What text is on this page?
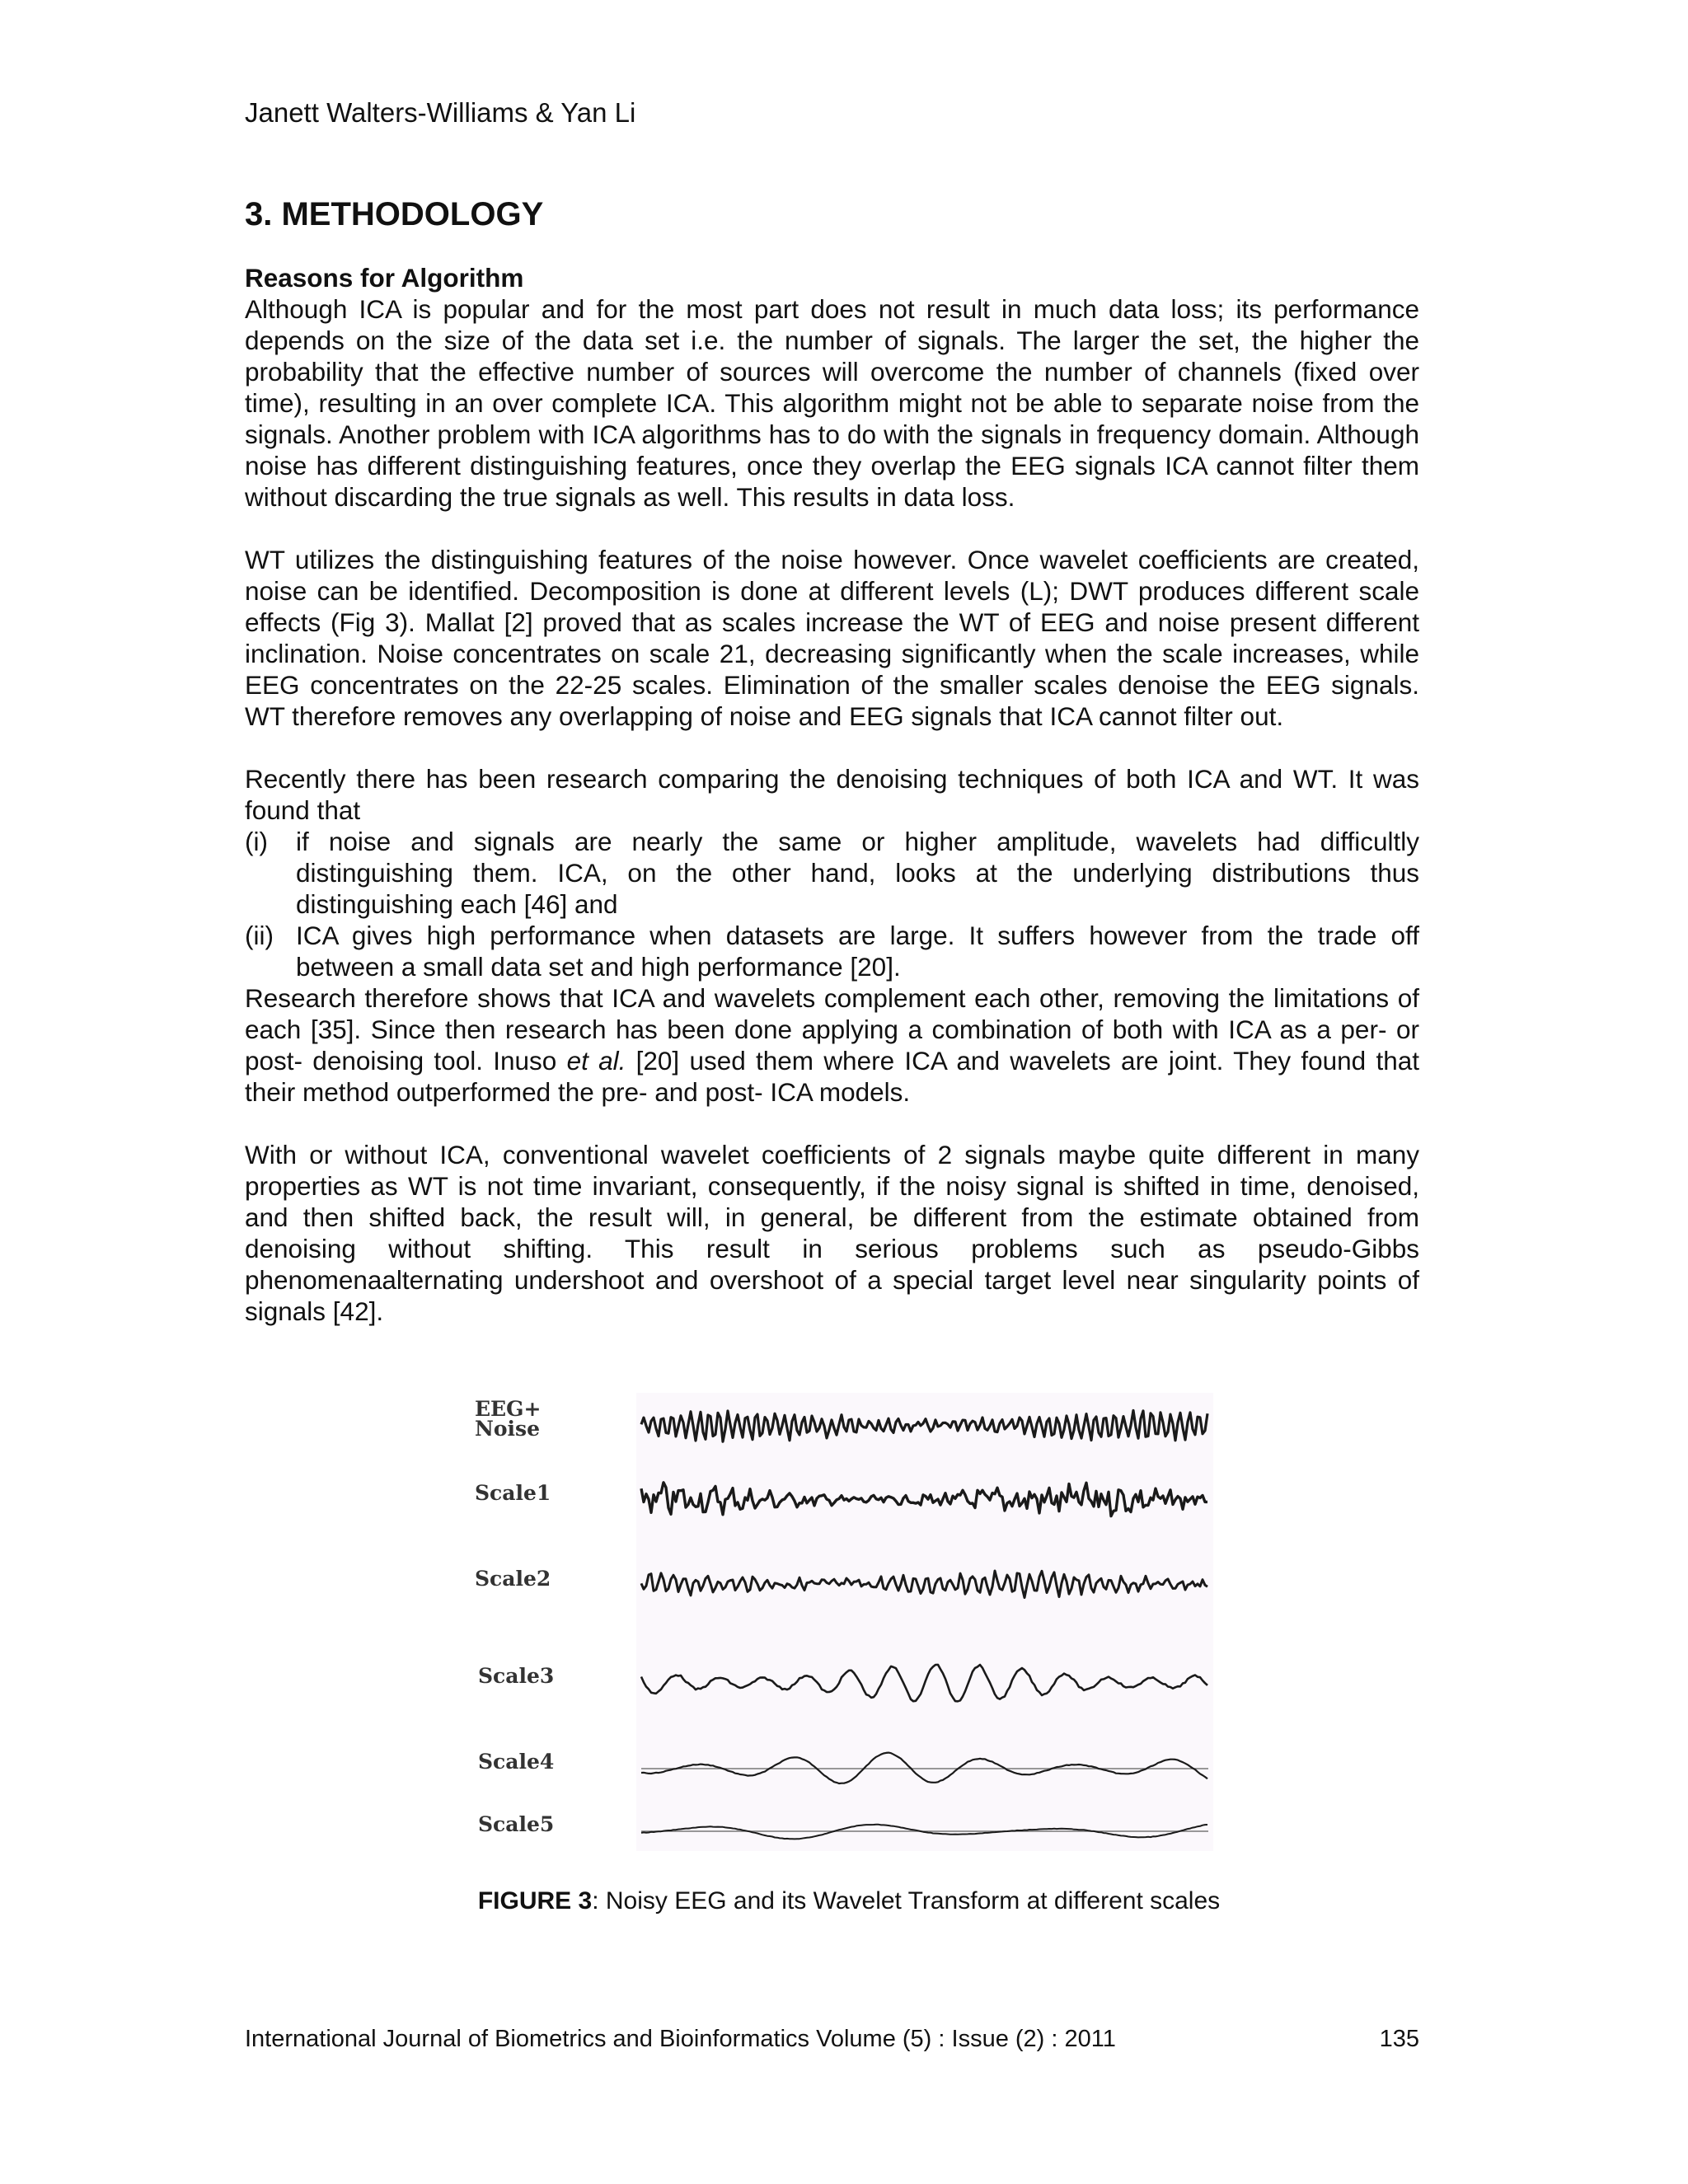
Janett Walters-Williams & Yan Li
3. METHODOLOGY
Reasons for Algorithm

Although ICA is popular and for the most part does not result in much data loss; its performance depends on the size of the data set i.e. the number of signals. The larger the set, the higher the probability that the effective number of sources will overcome the number of channels (fixed over time), resulting in an over complete ICA. This algorithm might not be able to separate noise from the signals. Another problem with ICA algorithms has to do with the signals in frequency domain. Although noise has different distinguishing features, once they overlap the EEG signals ICA cannot filter them without discarding the true signals as well. This results in data loss.

WT utilizes the distinguishing features of the noise however. Once wavelet coefficients are created, noise can be identified. Decomposition is done at different levels (L); DWT produces different scale effects (Fig 3). Mallat [2] proved that as scales increase the WT of EEG and noise present different inclination. Noise concentrates on scale 21, decreasing significantly when the scale increases, while EEG concentrates on the 22-25 scales. Elimination of the smaller scales denoise the EEG signals. WT therefore removes any overlapping of noise and EEG signals that ICA cannot filter out.

Recently there has been research comparing the denoising techniques of both ICA and WT. It was found that

(i)	if noise and signals are nearly the same or higher amplitude, wavelets had difficultly distinguishing them. ICA, on the other hand, looks at the underlying distributions thus distinguishing each [46] and
(ii) ICA gives high performance when datasets are large. It suffers however from the trade off between a small data set and high performance [20].

Research therefore shows that ICA and wavelets complement each other, removing the limitations of each [35]. Since then research has been done applying a combination of both with ICA as a per- or post- denoising tool. Inuso et al. [20] used them where ICA and wavelets are joint. They found that their method outperformed the pre- and post- ICA models.

With or without ICA, conventional wavelet coefficients of 2 signals maybe quite different in many properties as WT is not time invariant, consequently, if the noisy signal is shifted in time, denoised, and then shifted back, the result will, in general, be different from the estimate obtained from denoising without shifting. This result in serious problems such as pseudo-Gibbs phenomenaalternating undershoot and overshoot of a special target level near singularity points of signals [42].

EEG+
Noise
Scale1
Scale2
Scale3
Scale4
Scale5
FIGURE 3: Noisy EEG and its Wavelet Transform at different scales
International Journal of Biometrics and Bioinformatics Volume (5) : Issue (2) : 2011	135
